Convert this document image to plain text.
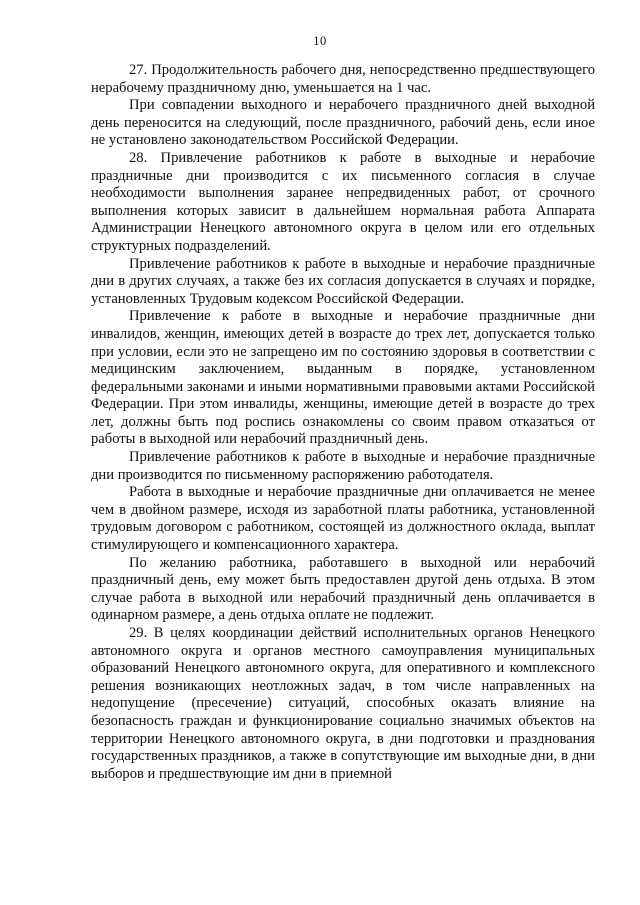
10

27. Продолжительность рабочего дня, непосредственно предшествующего нерабочему праздничному дню, уменьшается на 1 час.

При совпадении выходного и нерабочего праздничного дней выходной день переносится на следующий, после праздничного, рабочий день, если иное не установлено законодательством Российской Федерации.

28. Привлечение работников к работе в выходные и нерабочие праздничные дни производится с их письменного согласия в случае необходимости выполнения заранее непредвиденных работ, от срочного выполнения которых зависит в дальнейшем нормальная работа Аппарата Администрации Ненецкого автономного округа в целом или его отдельных структурных подразделений.

Привлечение работников к работе в выходные и нерабочие праздничные дни в других случаях, а также без их согласия допускается в случаях и порядке, установленных Трудовым кодексом Российской Федерации.

Привлечение к работе в выходные и нерабочие праздничные дни инвалидов, женщин, имеющих детей в возрасте до трех лет, допускается только при условии, если это не запрещено им по состоянию здоровья в соответствии с медицинским заключением, выданным в порядке, установленном федеральными законами и иными нормативными правовыми актами Российской Федерации. При этом инвалиды, женщины, имеющие детей в возрасте до трех лет, должны быть под роспись ознакомлены со своим правом отказаться от работы в выходной или нерабочий праздничный день.

Привлечение работников к работе в выходные и нерабочие праздничные дни производится по письменному распоряжению работодателя.

Работа в выходные и нерабочие праздничные дни оплачивается не менее чем в двойном размере, исходя из заработной платы работника, установленной трудовым договором с работником, состоящей из должностного оклада, выплат стимулирующего и компенсационного характера.

По желанию работника, работавшего в выходной или нерабочий праздничный день, ему может быть предоставлен другой день отдыха. В этом случае работа в выходной или нерабочий праздничный день оплачивается в одинарном размере, а день отдыха оплате не подлежит.

29. В целях координации действий исполнительных органов Ненецкого автономного округа и органов местного самоуправления муниципальных образований Ненецкого автономного округа, для оперативного и комплексного решения возникающих неотложных задач, в том числе направленных на недопущение (пресечение) ситуаций, способных оказать влияние на безопасность граждан и функционирование социально значимых объектов на территории Ненецкого автономного округа, в дни подготовки и празднования государственных праздников, а также в сопутствующие им выходные дни, в дни выборов и предшествующие им дни в приемной
